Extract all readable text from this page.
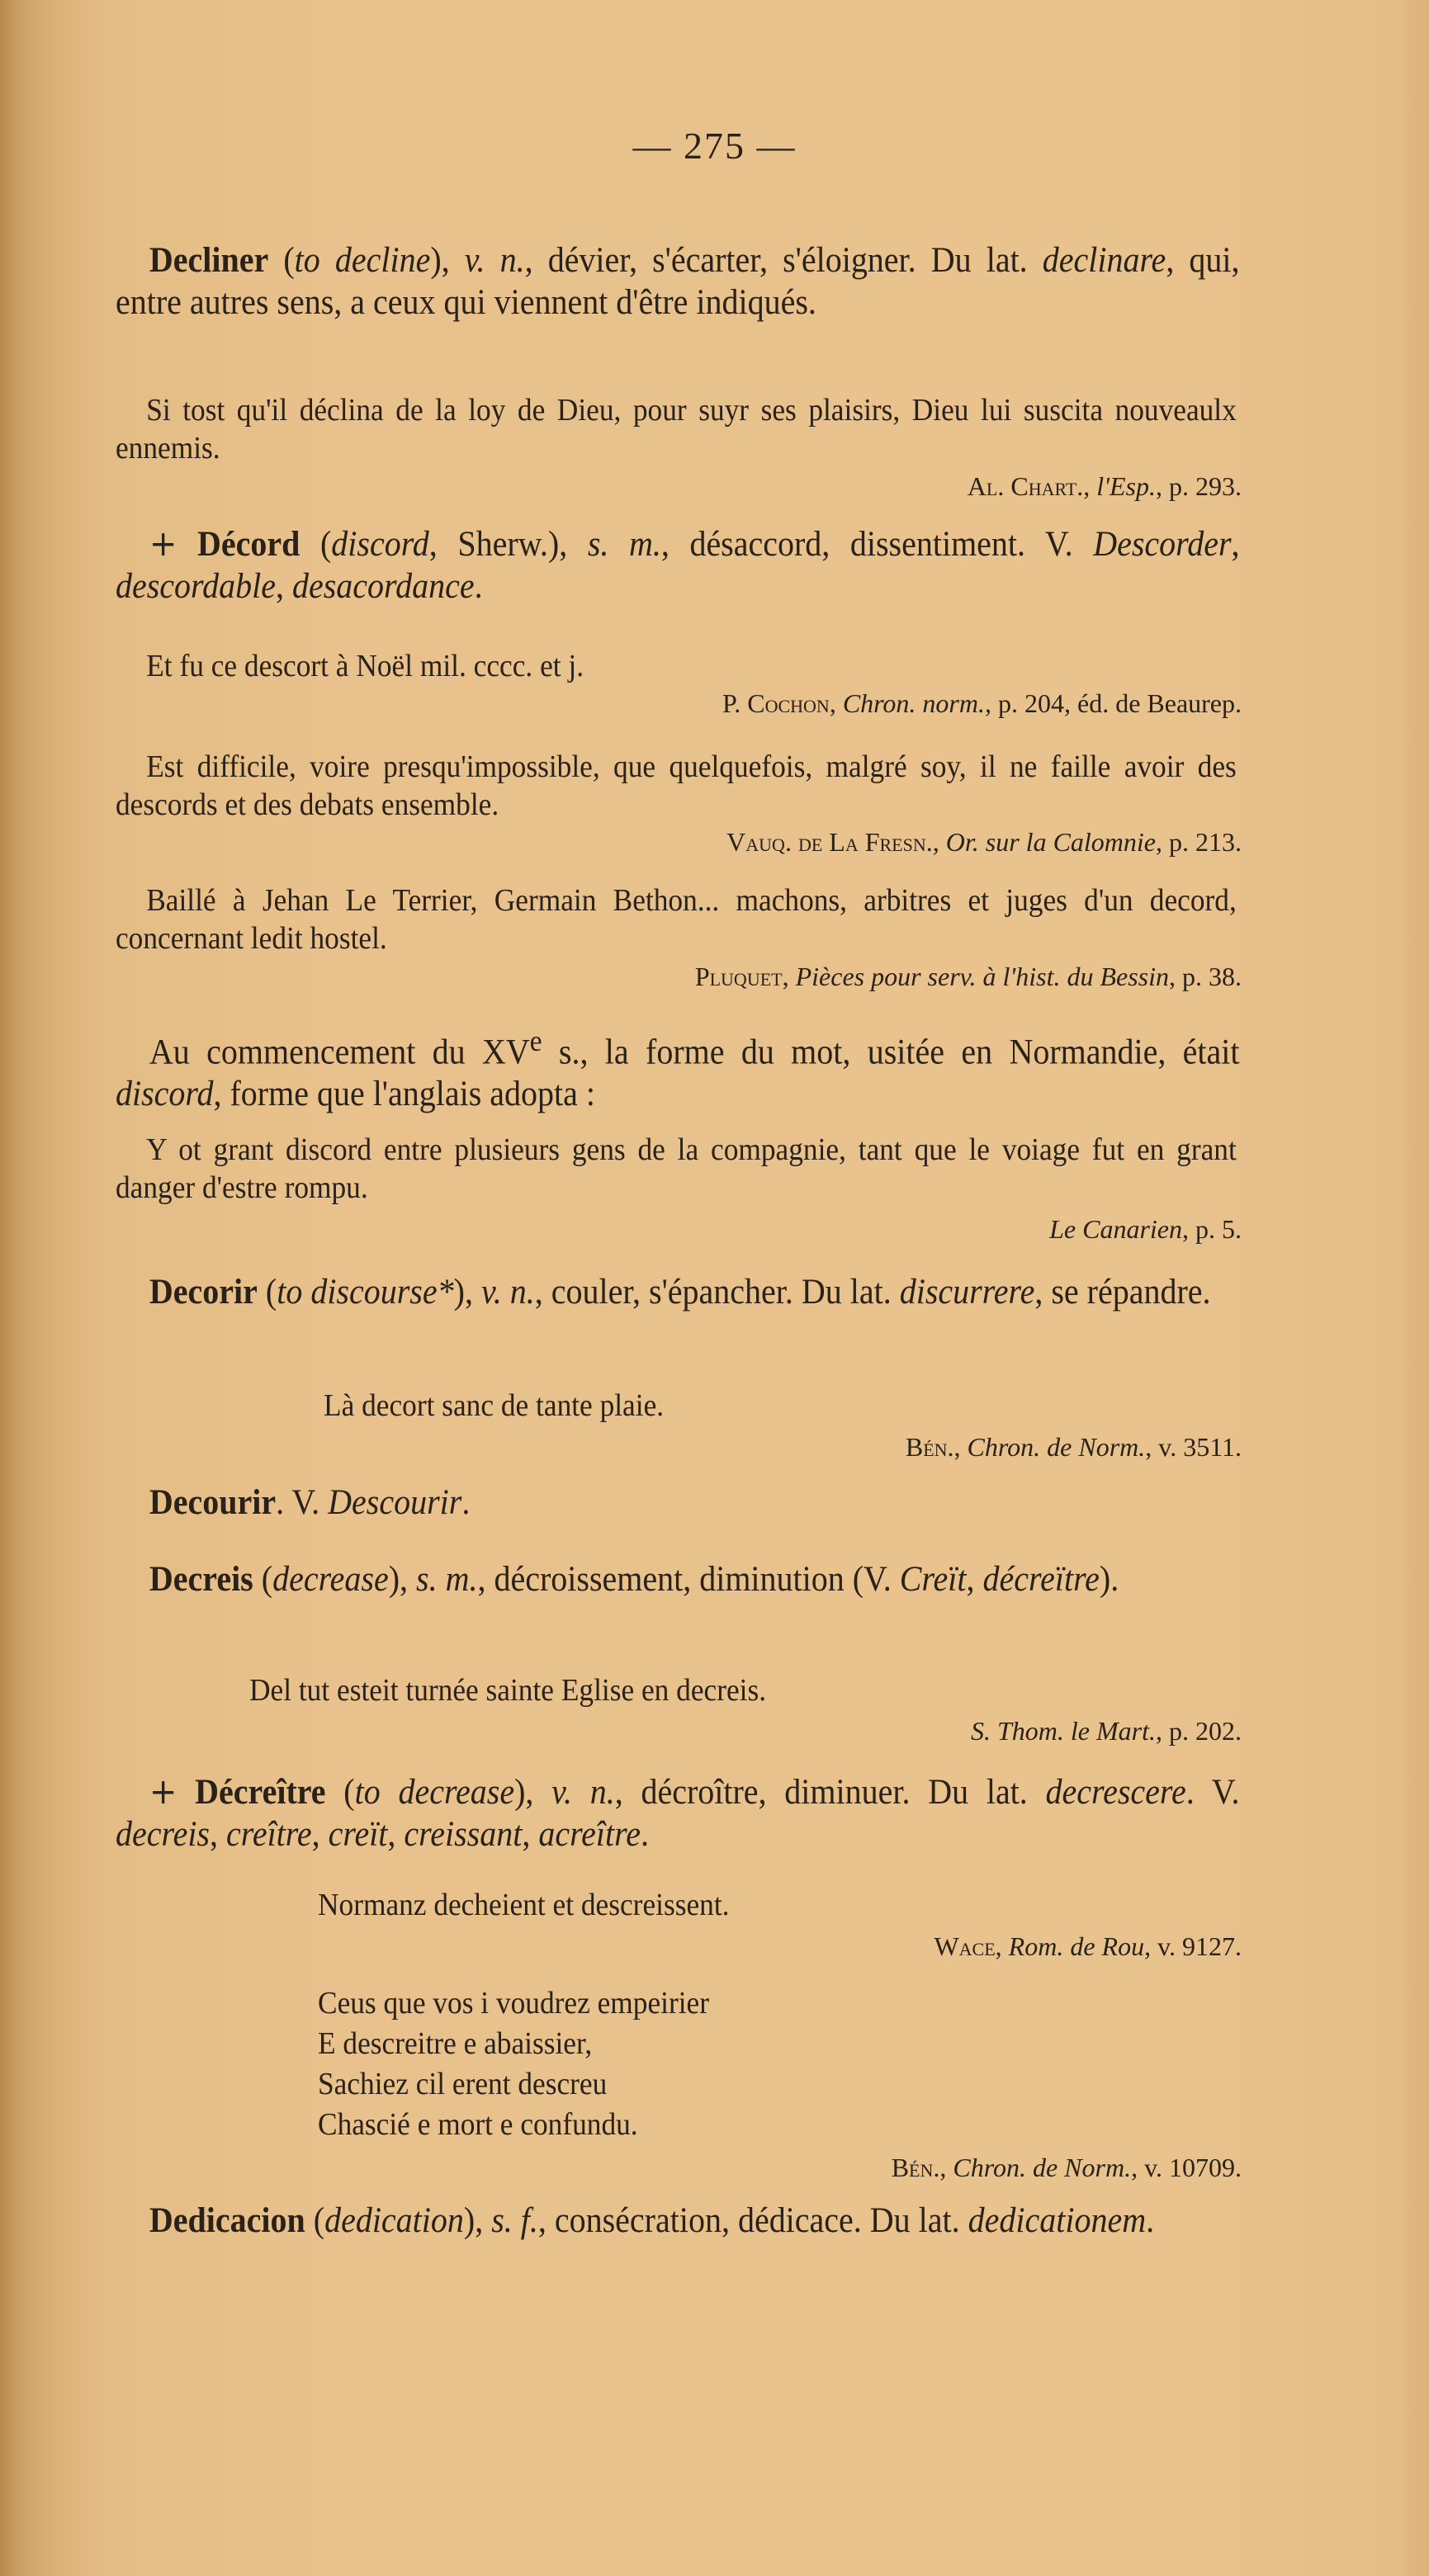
— 275 —
Decliner (to decline), v. n., dévier, s'écarter, s'éloigner. Du lat. declinare, qui, entre autres sens, a ceux qui viennent d'être indiqués.
Si tost qu'il déclina de la loy de Dieu, pour suyr ses plaisirs, Dieu lui suscita nouveaulx ennemis.
Al. Chart., l'Esp., p. 293.
+ Décord (discord, Sherw.), s. m., désaccord, dissentiment. V. Descorder, descordable, desacordance.
Et fu ce descort à Noël mil. cccc. et j.
P. Cochon, Chron. norm., p. 204, éd. de Beaurep.
Est difficile, voire presqu'impossible, que quelquefois, malgré soy, il ne faille avoir des descords et des debats ensemble.
Vauq. de La Fresn., Or. sur la Calomnie, p. 213.
Baillé à Jehan Le Terrier, Germain Bethon... machons, arbitres et juges d'un decord, concernant ledit hostel.
Pluquet, Pièces pour serv. à l'hist. du Bessin, p. 38.
Au commencement du XVe s., la forme du mot, usitée en Normandie, était discord, forme que l'anglais adopta :
Y ot grant discord entre plusieurs gens de la compagnie, tant que le voiage fut en grant danger d'estre rompu.
Le Canarien, p. 5.
Decorir (to discourse*), v. n., couler, s'épancher. Du lat. discurrere, se répandre.
Là decort sanc de tante plaie.
Bén., Chron. de Norm., v. 3511.
Decourir. V. Descourir.
Decreis (decrease), s. m., décroissement, diminution (V. Creït, décreïtre).
Del tut esteit turnée sainte Eglise en decreis.
S. Thom. le Mart., p. 202.
+ Décreître (to decrease), v. n., décroître, diminuer. Du lat. decrescere. V. decreis, creître, creït, creissant, acreître.
Normanz decheient et descreissent.
Wace, Rom. de Rou, v. 9127.
Ceus que vos i voudrez empeirier
E descreitre e abaissier,
Sachiez cil erent descreu
Chascié e mort e confundu.
Bén., Chron. de Norm., v. 10709.
Dedicacion (dedication), s. f., consécration, dédicace. Du lat. dedicationem.
